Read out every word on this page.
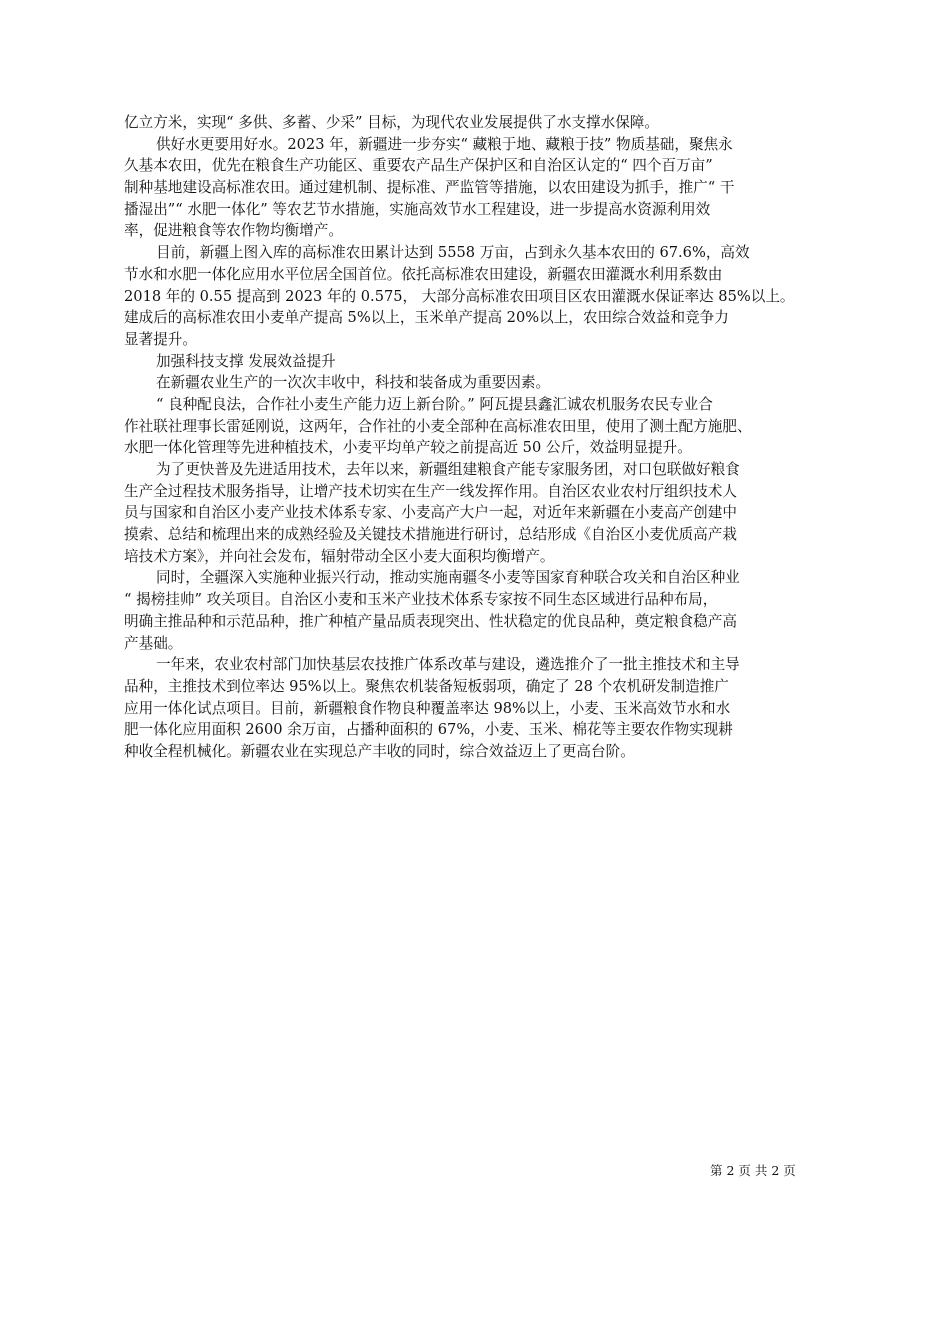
亿立方米，实现“ 多供、多蓄、少采” 目标，为现代农业发展提供了水支撑水保障。
供好水更要用好水。2023 年，新疆进一步夯实“ 藏粮于地、藏粮于技” 物质基础，聚焦永
久基本农田，优先在粮食生产功能区、重要农产品生产保护区和自治区认定的“ 四个百万亩”
制种基地建设高标准农田。通过建机制、提标准、严监管等措施，以农田建设为抓手，推广“ 干
播湿出”“ 水肥一体化” 等农艺节水措施，实施高效节水工程建设，进一步提高水资源利用效
率，促进粮食等农作物均衡增产。
目前，新疆上图入库的高标准农田累计达到 5558 万亩，占到永久基本农田的 67.6%，高效
节水和水肥一体化应用水平位居全国首位。依托高标准农田建设，新疆农田灌溉水利用系数由
2018 年的 0.55 提高到 2023 年的 0.575， 大部分高标准农田项目区农田灌溉水保证率达 85%以上。
建成后的高标准农田小麦单产提高 5%以上，玉米单产提高 20%以上，农田综合效益和竞争力
显著提升。
加强科技支撑 发展效益提升
在新疆农业生产的一次次丰收中，科技和装备成为重要因素。
“ 良种配良法，合作社小麦生产能力迈上新台阶。” 阿瓦提县鑫汇诚农机服务农民专业合
作社联社理事长雷延刚说，这两年，合作社的小麦全部种在高标准农田里，使用了测土配方施肥、
水肥一体化管理等先进种植技术，小麦平均单产较之前提高近 50 公斤，效益明显提升。
为了更快普及先进适用技术，去年以来，新疆组建粮食产能专家服务团，对口包联做好粮食
生产全过程技术服务指导，让增产技术切实在生产一线发挥作用。自治区农业农村厅组织技术人
员与国家和自治区小麦产业技术体系专家、小麦高产大户一起，对近年来新疆在小麦高产创建中
摸索、总结和梳理出来的成熟经验及关键技术措施进行研讨，总结形成《自治区小麦优质高产栽
培技术方案》，并向社会发布，辐射带动全区小麦大面积均衡增产。
同时，全疆深入实施种业振兴行动，推动实施南疆冬小麦等国家育种联合攻关和自治区种业
“ 揭榜挂帅” 攻关项目。自治区小麦和玉米产业技术体系专家按不同生态区域进行品种布局，
明确主推品种和示范品种，推广种植产量品质表现突出、性状稳定的优良品种，奠定粮食稳产高
产基础。
一年来，农业农村部门加快基层农技推广体系改革与建设，遴选推介了一批主推技术和主导
品种，主推技术到位率达 95%以上。聚焦农机装备短板弱项，确定了 28 个农机研发制造推广
应用一体化试点项目。目前，新疆粮食作物良种覆盖率达 98%以上，小麦、玉米高效节水和水
肥一体化应用面积 2600 余万亩，占播种面积的 67%，小麦、玉米、棉花等主要农作物实现耕
种收全程机械化。新疆农业在实现总产丰收的同时，综合效益迈上了更高台阶。
第 2 页 共 2 页
